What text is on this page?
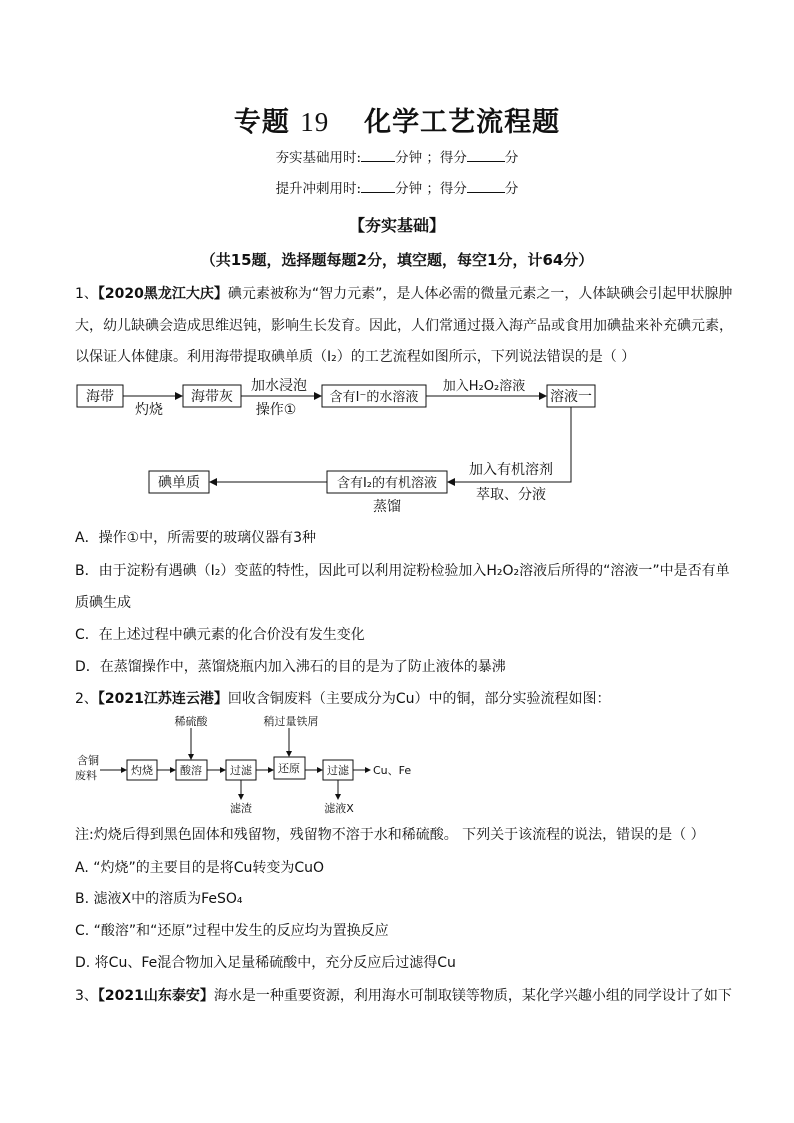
专题 19 化学工艺流程题
夯实基础用时:	分钟 ；得分	分
提升冲刺用时:	分钟 ；得分	分
【夯实基础】
（共15题，选择题每题2分，填空题，每空1分，计64分）
1、【2020黑龙江大庆】碘元素被称为“智力元素”，是人体必需的微量元素之一，人体缺碘会引起甲状腺肿
大，幼儿缺碘会造成思维迟钝，影响生长发育。因此，人们常通过摄入海产品或食用加碘盐来补充碘元素，
以保证人体健康。利用海带提取碘单质（I₂）的工艺流程如图所示，下列说法错误的是（ ）
海带	海带灰	含有I⁻的水溶液	溶液一
含有I₂的有机溶液
碘单质
灼烧
加水浸泡
操作①
加入H₂O₂溶液
加入有机溶剂
萃取、分液
蒸馏
A．操作①中，所需要的玻璃仪器有3种
B．由于淀粉有遇碘（I₂）变蓝的特性，因此可以利用淀粉检验加入H₂O₂溶液后所得的“溶液一”中是否有单
质碘生成
C．在上述过程中碘元素的化合价没有发生变化
D．在蒸馏操作中，蒸馏烧瓶内加入沸石的目的是为了防止液体的暴沸
2、【2021江苏连云港】回收含铜废料（主要成分为Cu）中的铜，部分实验流程如图：
含铜
废料	灼烧 酸溶	过滤 还原 过滤
稀硫酸	稍过量铁屑
滤渣	滤液X
Cu、Fe
注:灼烧后得到黑色固体和残留物，残留物不溶于水和稀硫酸。 下列关于该流程的说法，错误的是（ ）
A. “灼烧”的主要目的是将Cu转变为CuO
B. 滤液X中的溶质为FeSO₄
C. “酸溶”和“还原”过程中发生的反应均为置换反应
D. 将Cu、Fe混合物加入足量稀硫酸中，充分反应后过滤得Cu
3、【2021山东泰安】海水是一种重要资源，利用海水可制取镁等物质，某化学兴趣小组的同学设计了如下
